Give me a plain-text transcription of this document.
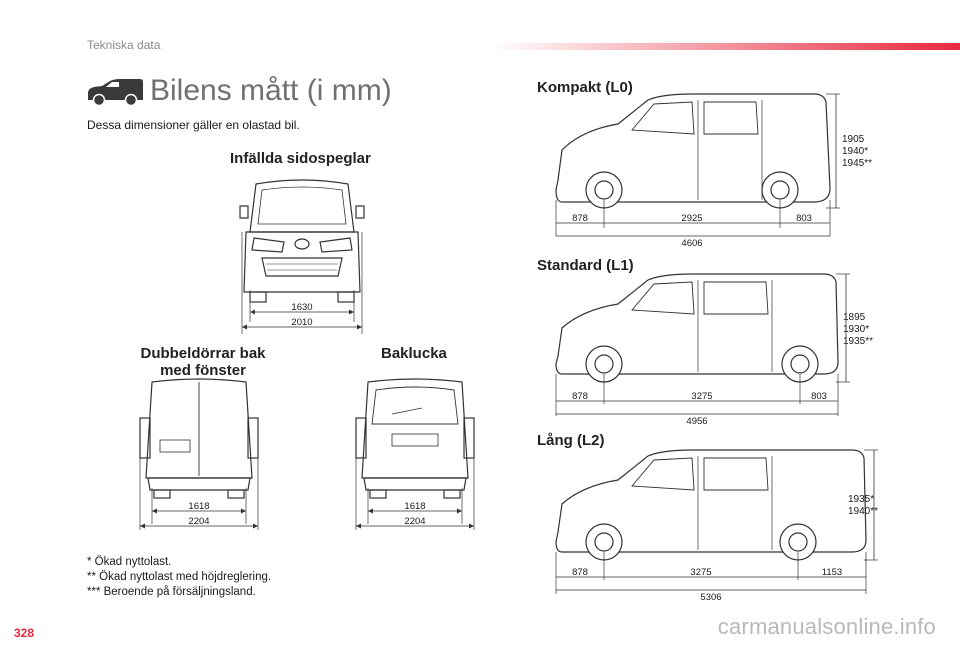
Tekniska data
Bilens mått (i mm)
Dessa dimensioner gäller en olastad bil.
Infällda sidospeglar
1630
2010
Dubbeldörrar bak
med fönster
1618
2204
Baklucka
1618
2204
Kompakt (L0)
878	2925	803
4606
1905
1940*
1945**
Standard (L1)
878	3275	803
4956
1895
1930*
1935**
Lång (L2)
878	3275	1153
5306
1935*
1940**
* Ökad nyttolast.
** Ökad nyttolast med höjdreglering.
*** Beroende på försäljningsland.
328	carmanualsonline.info
